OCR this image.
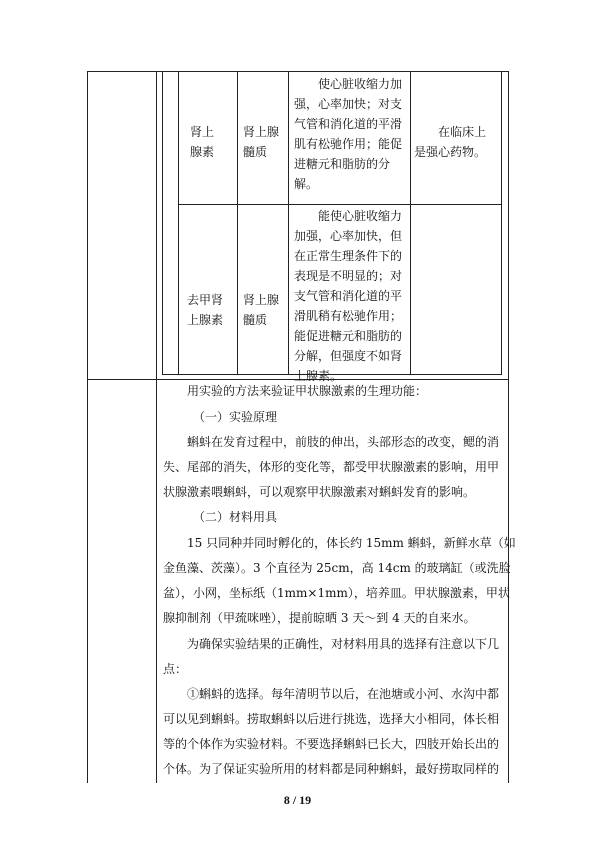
肾上
腺素
肾上腺
髓质
使心脏收缩力加
强，心率加快；对支
气管和消化道的平滑
肌有松驰作用；能促
进糖元和脂肪的分
解。
在临床上
是强心药物。
去甲肾
上腺素
肾上腺
髓质
能使心脏收缩力
加强，心率加快，但
在正常生理条件下的
表现是不明显的；对
支气管和消化道的平
滑肌稍有松驰作用；
能促进糖元和脂肪的
分解，但强度不如肾
上腺素。
用实验的方法来验证甲状腺激素的生理功能：
（一）实验原理
蝌蚪在发育过程中，前肢的伸出，头部形态的改变，鳃的消
失、尾部的消失，体形的变化等，都受甲状腺激素的影响，用甲
状腺激素喂蝌蚪，可以观察甲状腺激素对蝌蚪发育的影响。
（二）材料用具
15 只同种并同时孵化的，体长约 15mm 蝌蚪，新鲜水草（如
金鱼藻、茨藻）。3 个直径为 25cm，高 14cm 的玻璃缸（或洗脸
盆），小网，坐标纸（1mm×1mm），培养皿。甲状腺激素，甲状
腺抑制剂（甲巯咪唑），提前晾晒 3 天～到 4 天的自来水。
为确保实验结果的正确性，对材料用具的选择有注意以下几
点：
①蝌蚪的选择。每年清明节以后，在池塘或小河、水沟中都
可以见到蝌蚪。捞取蝌蚪以后进行挑选，选择大小相同，体长相
等的个体作为实验材料。不要选择蝌蚪已长大，四肢开始长出的
个体。为了保证实验所用的材料都是同种蝌蚪，最好捞取同样的
8 / 19
